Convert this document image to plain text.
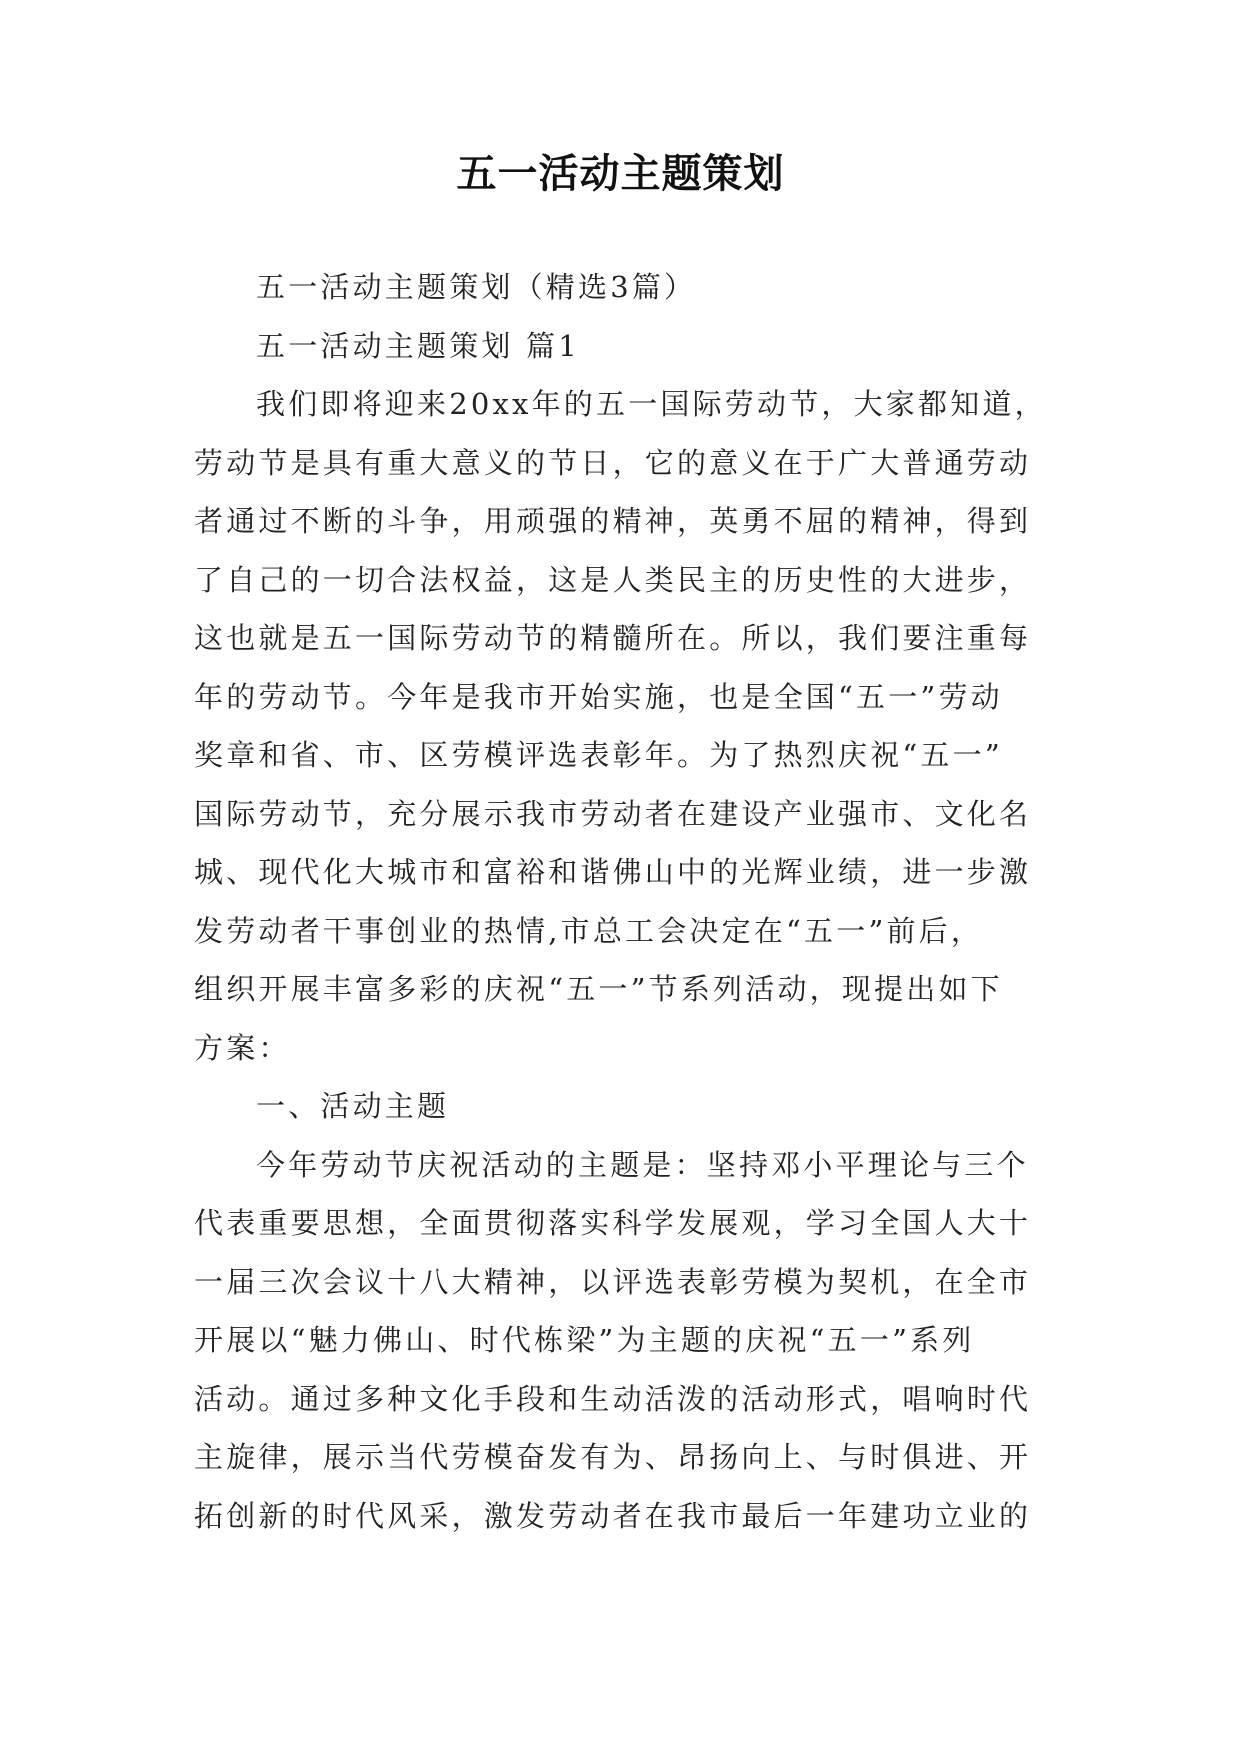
五一活动主题策划
五一活动主题策划（精选3篇）
五一活动主题策划 篇1
我们即将迎来20xx年的五一国际劳动节，大家都知道，
劳动节是具有重大意义的节日，它的意义在于广大普通劳动
者通过不断的斗争，用顽强的精神，英勇不屈的精神，得到
了自己的一切合法权益，这是人类民主的历史性的大进步，
这也就是五一国际劳动节的精髓所在。所以，我们要注重每
年的劳动节。今年是我市开始实施，也是全国“五一”劳动
奖章和省、市、区劳模评选表彰年。为了热烈庆祝“五一”
国际劳动节，充分展示我市劳动者在建设产业强市、文化名
城、现代化大城市和富裕和谐佛山中的光辉业绩，进一步激
发劳动者干事创业的热情,市总工会决定在“五一”前后，
组织开展丰富多彩的庆祝“五一”节系列活动，现提出如下
方案：
一、活动主题
今年劳动节庆祝活动的主题是：坚持邓小平理论与三个
代表重要思想，全面贯彻落实科学发展观，学习全国人大十
一届三次会议十八大精神，以评选表彰劳模为契机，在全市
开展以“魅力佛山、时代栋梁”为主题的庆祝“五一”系列
活动。通过多种文化手段和生动活泼的活动形式，唱响时代
主旋律，展示当代劳模奋发有为、昂扬向上、与时俱进、开
拓创新的时代风采，激发劳动者在我市最后一年建功立业的
